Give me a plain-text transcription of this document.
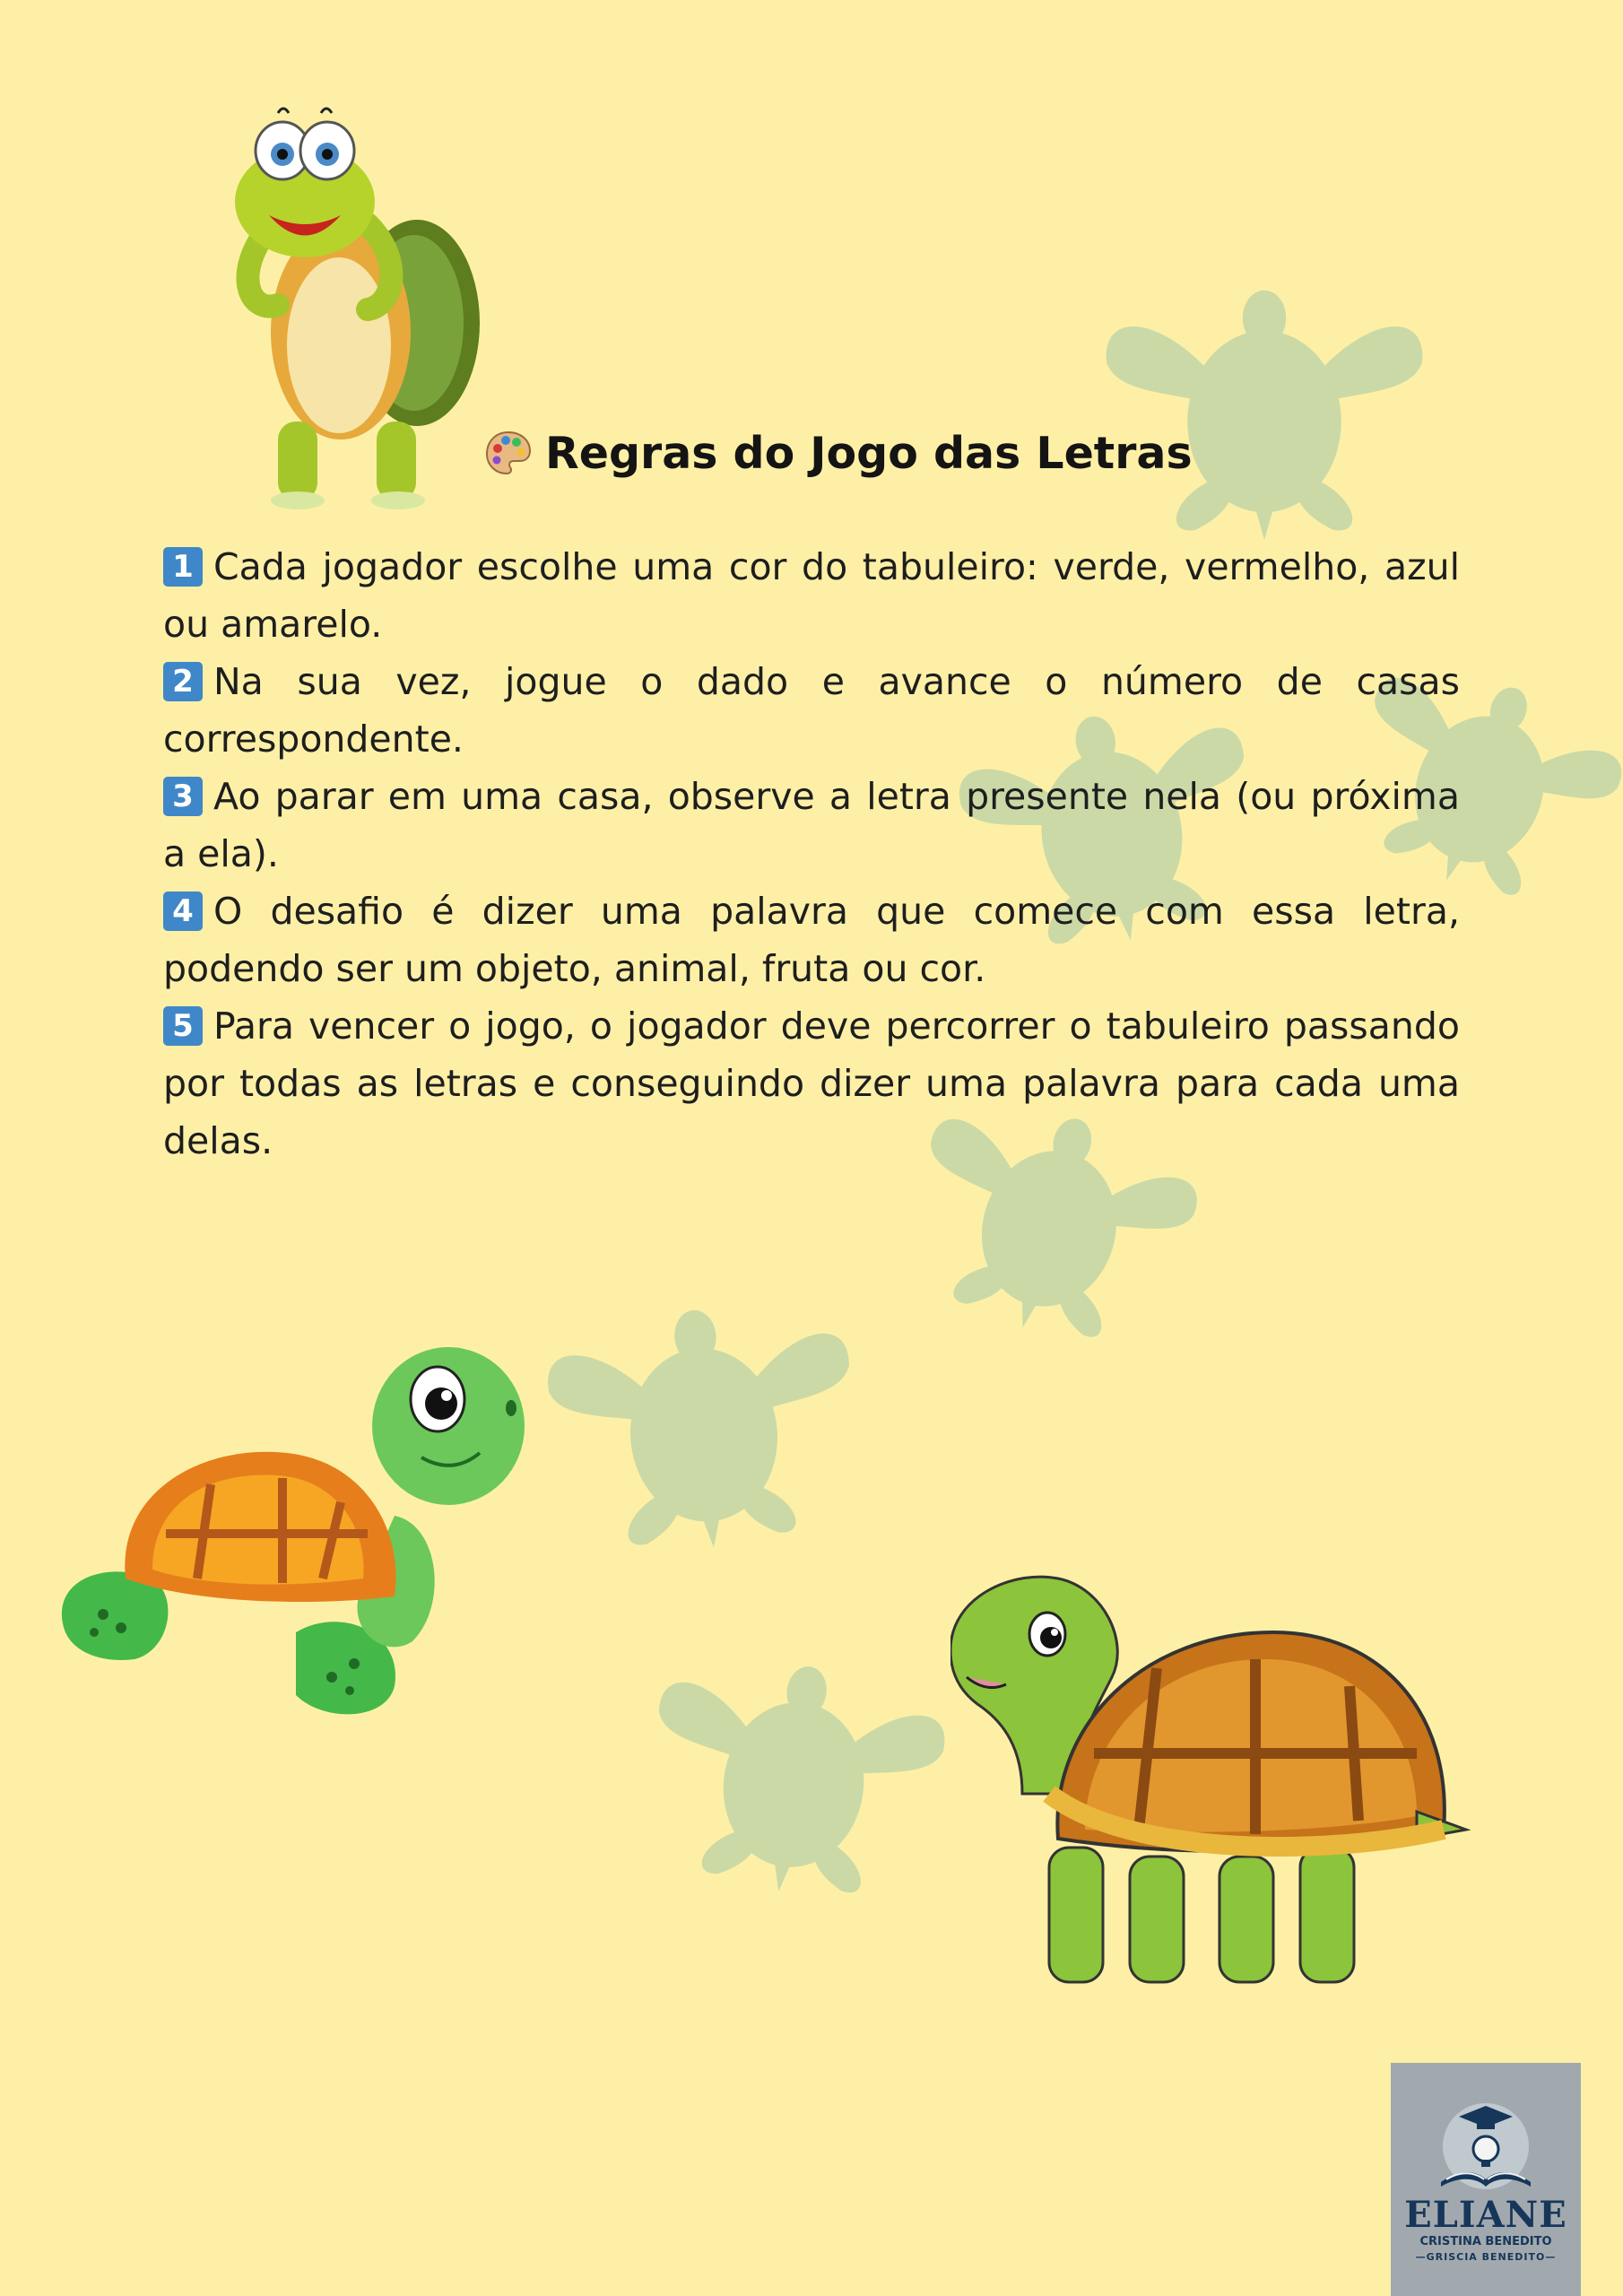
Regras do Jogo das Letras

1 Cada jogador escolhe uma cor do tabuleiro: verde, vermelho, azul ou amarelo.

2 Na sua vez, jogue o dado e avance o número de casas correspondente.

3 Ao parar em uma casa, observe a letra presente nela (ou próxima a ela).

4 O desafio é dizer uma palavra que comece com essa letra, podendo ser um objeto, animal, fruta ou cor.

5 Para vencer o jogo, o jogador deve percorrer o tabuleiro passando por todas as letras e conseguindo dizer uma palavra para cada uma delas.

ELIANE
CRISTINA BENEDITO
—GRISCIA BENEDITO—
